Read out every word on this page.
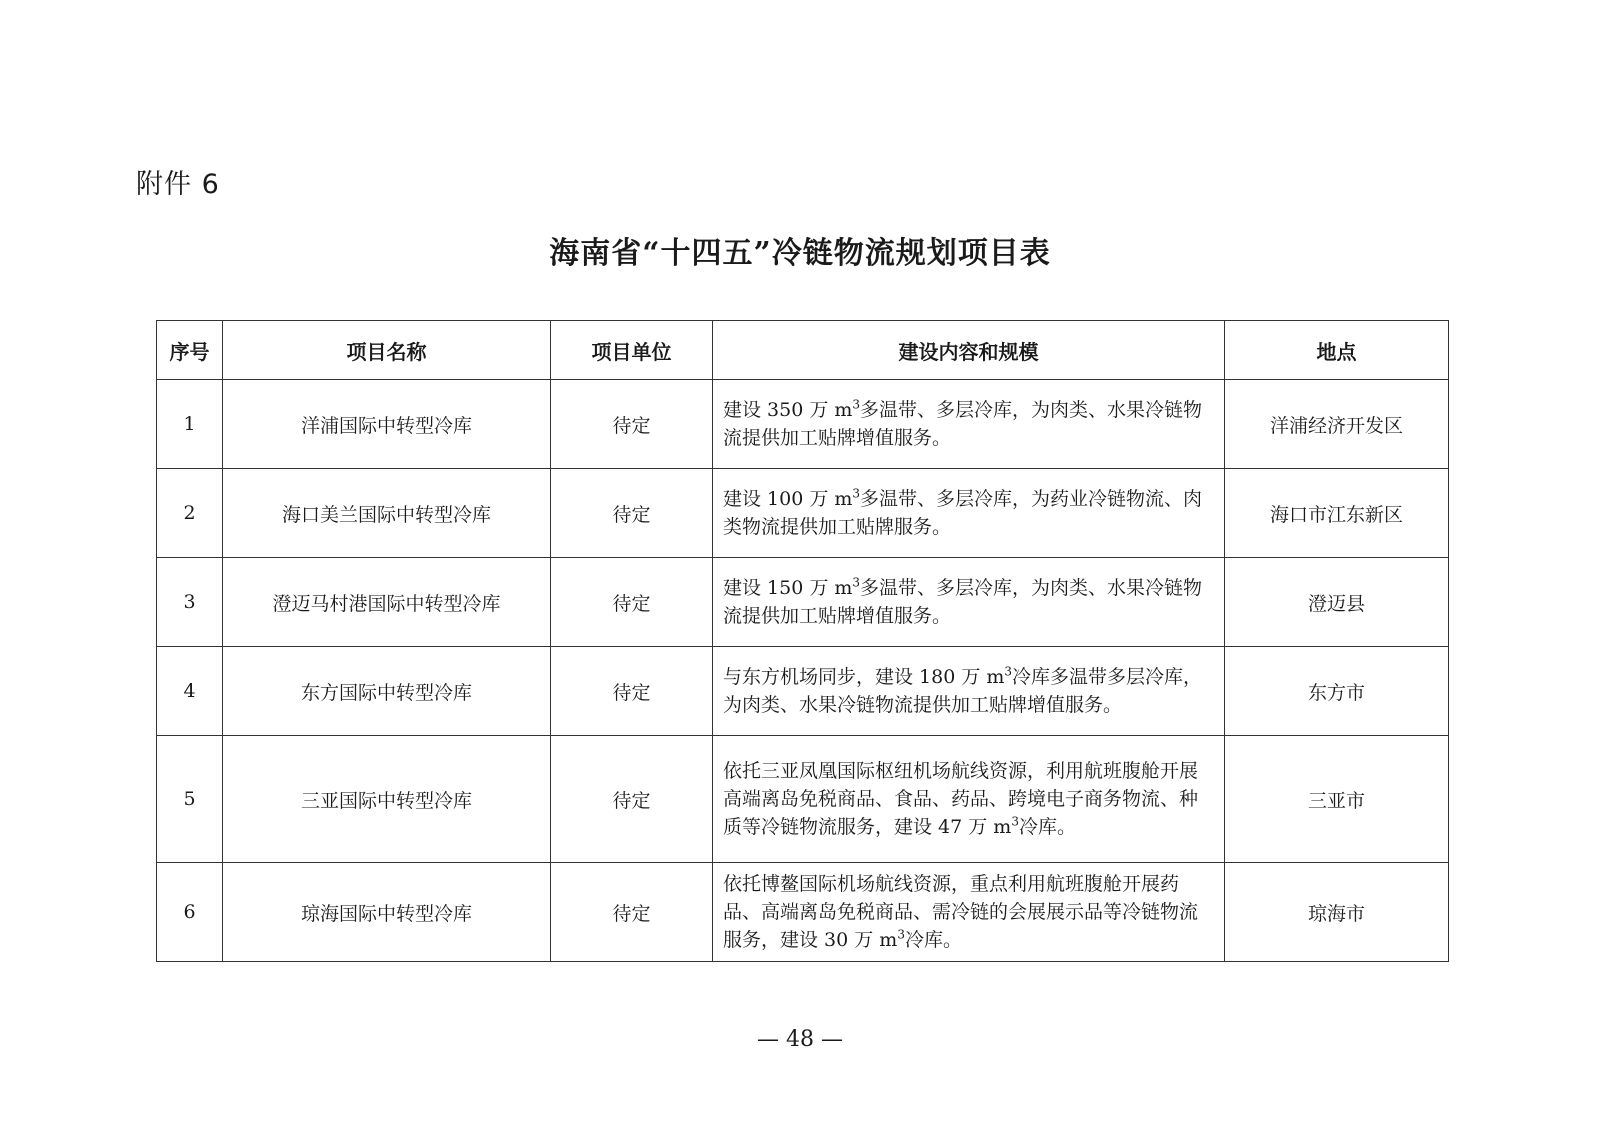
附件 6
海南省“十四五”冷链物流规划项目表
序号	项目名称	项目单位	建设内容和规模	地点
1	洋浦国际中转型冷库	待定	建设 350 万 $m^3$多温带、多层冷库，为肉类、水果冷链物流提供加工贴牌增值服务。	洋浦经济开发区
2	海口美兰国际中转型冷库	待定	建设 100 万 $m^3$多温带、多层冷库，为药业冷链物流、肉类物流提供加工贴牌服务。	海口市江东新区
3	澄迈马村港国际中转型冷库	待定	建设 150 万 $m^3$多温带、多层冷库，为肉类、水果冷链物流提供加工贴牌增值服务。	澄迈县
4	东方国际中转型冷库	待定	与东方机场同步，建设 180 万 $m^3$冷库多温带多层冷库，为肉类、水果冷链物流提供加工贴牌增值服务。	东方市
5	三亚国际中转型冷库	待定	依托三亚凤凰国际枢纽机场航线资源，利用航班腹舱开展高端离岛免税商品、食品、药品、跨境电子商务物流、种质等冷链物流服务，建设 47 万 $m^3$冷库。	三亚市
6	琼海国际中转型冷库	待定	依托博鳌国际机场航线资源，重点利用航班腹舱开展药品、高端离岛免税商品、需冷链的会展展示品等冷链物流服务，建设 30 万 $m^3$冷库。	琼海市
— 48 —
